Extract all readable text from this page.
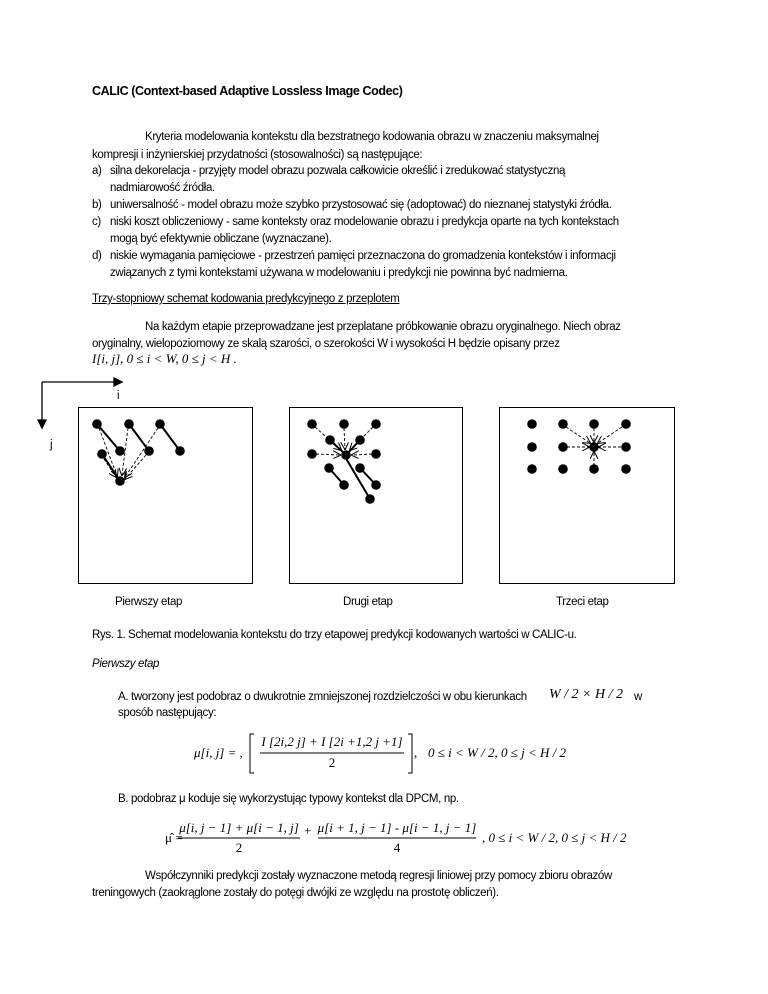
CALIC (Context-based Adaptive Lossless Image Codec)
Kryteria modelowania kontekstu dla bezstratnego kodowania obrazu w znaczeniu maksymalnej
kompresji i inżynierskiej przydatności (stosowalności) są następujące:
a) silna dekorelacja - przyjęty model obrazu pozwala całkowicie określić i zredukować statystyczną
nadmiarowość źródła.
b) uniwersalność - model obrazu może szybko przystosować się (adoptować) do nieznanej statystyki źródła.
c) niski koszt obliczeniowy - same konteksty oraz modelowanie obrazu i predykcja oparte na tych kontekstach
mogą być efektywnie obliczane (wyznaczane).
d) niskie wymagania pamięciowe - przestrzeń pamięci przeznaczona do gromadzenia kontekstów i informacji
związanych z tymi kontekstami używana w modelowaniu i predykcji nie powinna być nadmierna.
Trzy-stopniowy schemat kodowania predykcyjnego z przeplotem
Na każdym etapie przeprowadzane jest przeplatane próbkowanie obrazu oryginalnego. Niech obraz
oryginalny, wielopoziomowy ze skalą szarości, o szerokości W i wysokości H będzie opisany przez
I[i, j], 0 ≤ i < W, 0 ≤ j < H .
i
j
Pierwszy etap	Drugi etap	Trzeci etap
Rys. 1. Schemat modelowania kontekstu do trzy etapowej predykcji kodowanych wartości w CALIC-u.
Pierwszy etap
A. tworzony jest podobraz o dwukrotnie zmniejszonej rozdzielczości w obu kierunkach W / 2 × H / 2 w
sposób następujący:
μ[i, j] = ,
I [2i,2 j] + I [2i +1,2 j +1]
2
, 0 ≤ i < W / 2, 0 ≤ j < H / 2
B. podobraz μ koduje się wykorzystując typowy kontekst dla DPCM, np.
μ̂ =
μ[i, j − 1] + μ[i − 1, j]
2
+ μ[i + 1, j − 1] - μ[i − 1, j − 1]
4
, 0 ≤ i < W / 2, 0 ≤ j < H / 2
Współczynniki predykcji zostały wyznaczone metodą regresji liniowej przy pomocy zbioru obrazów
treningowych (zaokrąglone zostały do potęgi dwójki ze względu na prostotę obliczeń).
